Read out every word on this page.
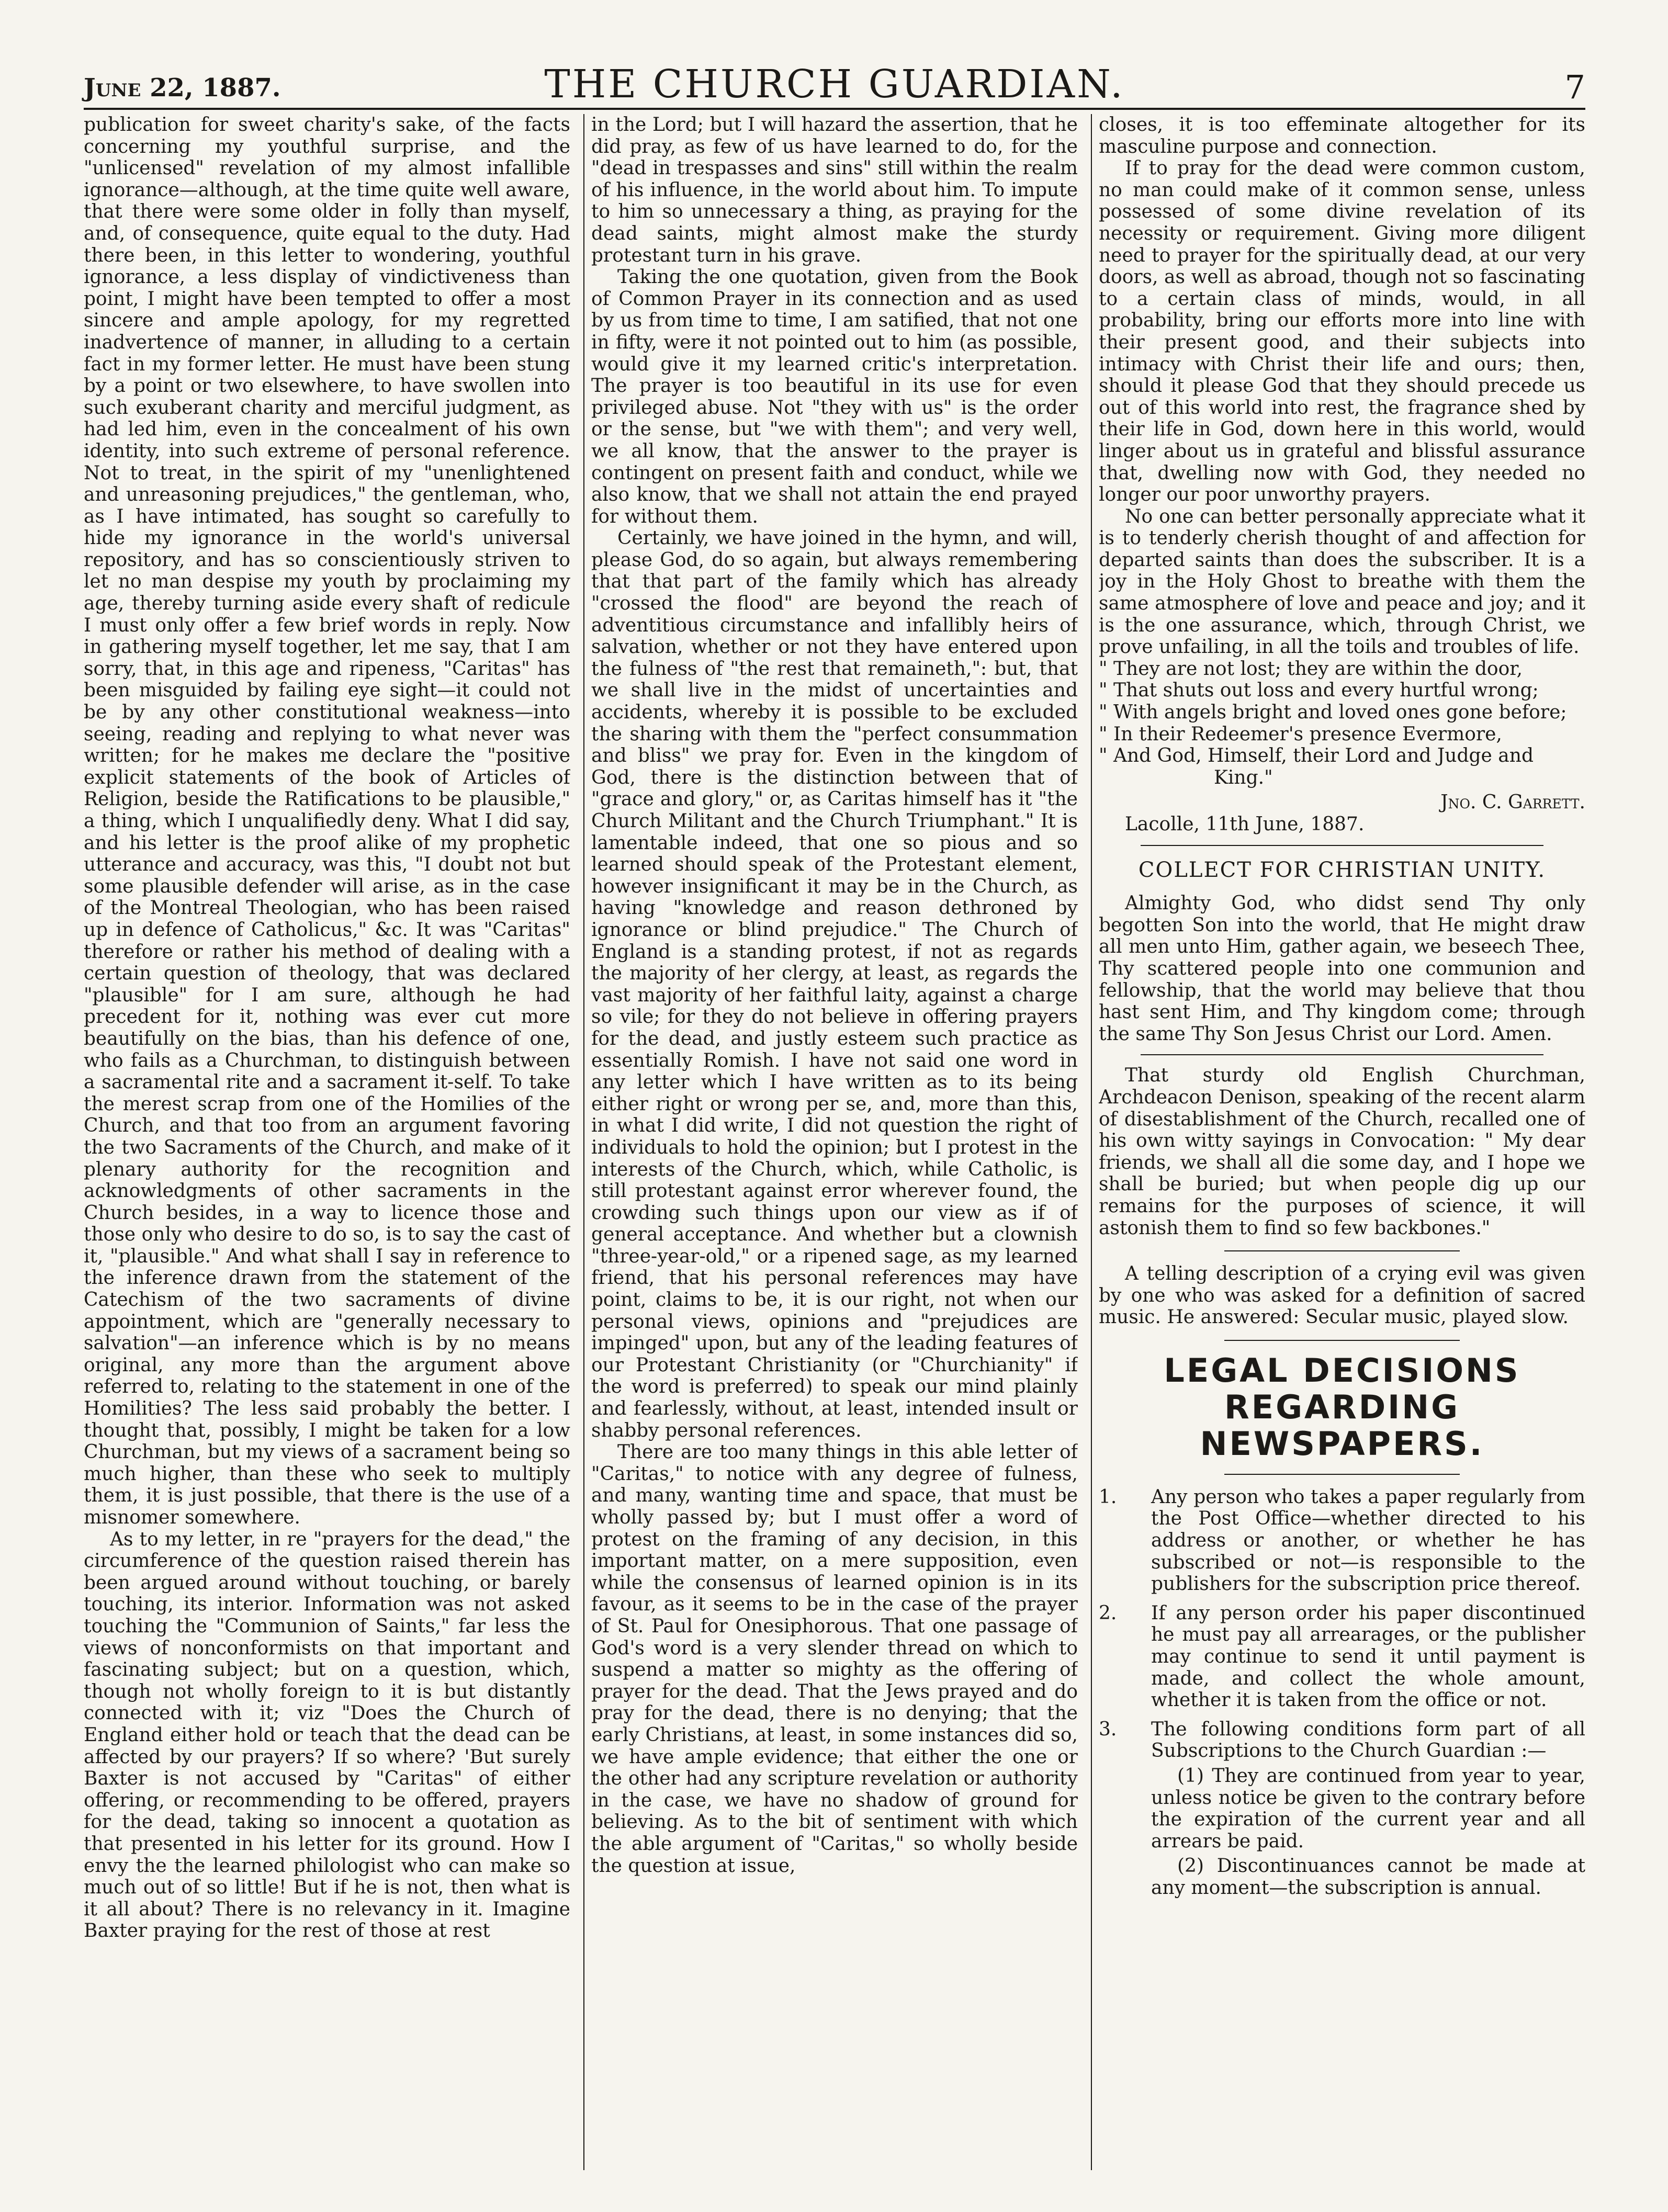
June 22, 1887.	THE CHURCH GUARDIAN.	7

publication for sweet charity's sake, of the facts concerning my youthful surprise, and the "unlicensed" revelation of my almost infallible ignorance—although, at the time quite well aware, that there were some older in folly than myself, and, of consequence, quite equal to the duty. Had there been, in this letter to wondering, youthful ignorance, a less display of vindictiveness than point, I might have been tempted to offer a most sincere and ample apology, for my regretted inadvertence of manner, in alluding to a certain fact in my former letter. He must have been stung by a point or two elsewhere, to have swollen into such exuberant charity and merciful judgment, as had led him, even in the concealment of his own identity, into such extreme of personal reference. Not to treat, in the spirit of my "unenlightened and unreasoning prejudices," the gentleman, who, as I have intimated, has sought so carefully to hide my ignorance in the world's universal repository, and has so conscientiously striven to let no man despise my youth by proclaiming my age, thereby turning aside every shaft of redicule I must only offer a few brief words in reply. Now in gathering myself together, let me say, that I am sorry, that, in this age and ripeness, "Caritas" has been misguided by failing eye sight—it could not be by any other constitutional weakness—into seeing, reading and replying to what never was written; for he makes me declare the "positive explicit statements of the book of Articles of Religion, beside the Ratifications to be plausible," a thing, which I unqualifiedly deny. What I did say, and his letter is the proof alike of my prophetic utterance and accuracy, was this, "I doubt not but some plausible defender will arise, as in the case of the Montreal Theologian, who has been raised up in defence of Catholicus," &c. It was "Caritas" therefore or rather his method of dealing with a certain question of theology, that was declared "plausible" for I am sure, although he had precedent for it, nothing was ever cut more beautifully on the bias, than his defence of one, who fails as a Churchman, to distinguish between a sacramental rite and a sacrament it-self. To take the merest scrap from one of the Homilies of the Church, and that too from an argument favoring the two Sacraments of the Church, and make of it plenary authority for the recognition and acknowledgments of other sacraments in the Church besides, in a way to licence those and those only who desire to do so, is to say the cast of it, "plausible." And what shall I say in reference to the inference drawn from the statement of the Catechism of the two sacraments of divine appointment, which are "generally necessary to salvation"—an inference which is by no means original, any more than the argument above referred to, relating to the statement in one of the Homilities? The less said probably the better. I thought that, possibly, I might be taken for a low Churchman, but my views of a sacrament being so much higher, than these who seek to multiply them, it is just possible, that there is the use of a misnomer somewhere.

As to my letter, in re "prayers for the dead," the circumference of the question raised therein has been argued around without touching, or barely touching, its interior. Information was not asked touching the "Communion of Saints," far less the views of nonconformists on that important and fascinating subject; but on a question, which, though not wholly foreign to it is but distantly connected with it; viz "Does the Church of England either hold or teach that the dead can be affected by our prayers? If so where? 'But surely Baxter is not accused by "Caritas" of either offering, or recommending to be offered, prayers for the dead, taking so innocent a quotation as that presented in his letter for its ground. How I envy the the learned philologist who can make so much out of so little! But if he is not, then what is it all about? There is no relevancy in it. Imagine Baxter praying for the rest of those at rest

in the Lord; but I will hazard the assertion, that he did pray, as few of us have learned to do, for the "dead in trespasses and sins" still within the realm of his influence, in the world about him. To impute to him so unnecessary a thing, as praying for the dead saints, might almost make the sturdy protestant turn in his grave.

Taking the one quotation, given from the Book of Common Prayer in its connection and as used by us from time to time, I am satified, that not one in fifty, were it not pointed out to him (as possible, would give it my learned critic's interpretation. The prayer is too beautiful in its use for even privileged abuse. Not "they with us" is the order or the sense, but "we with them"; and very well, we all know, that the answer to the prayer is contingent on present faith and conduct, while we also know, that we shall not attain the end prayed for without them.

Certainly, we have joined in the hymn, and will, please God, do so again, but always remembering that that part of the family which has already "crossed the flood" are beyond the reach of adventitious circumstance and infallibly heirs of salvation, whether or not they have entered upon the fulness of "the rest that remaineth,": but, that we shall live in the midst of uncertainties and accidents, whereby it is possible to be excluded the sharing with them the "perfect consummation and bliss" we pray for. Even in the kingdom of God, there is the distinction between that of "grace and glory," or, as Caritas himself has it "the Church Militant and the Church Triumphant." It is lamentable indeed, that one so pious and so learned should speak of the Protestant element, however insignificant it may be in the Church, as having "knowledge and reason dethroned by ignorance or blind prejudice." The Church of England is a standing protest, if not as regards the majority of her clergy, at least, as regards the vast majority of her faithful laity, against a charge so vile; for they do not believe in offering prayers for the dead, and justly esteem such practice as essentially Romish. I have not said one word in any letter which I have written as to its being either right or wrong per se, and, more than this, in what I did write, I did not question the right of individuals to hold the opinion; but I protest in the interests of the Church, which, while Catholic, is still protestant against error wherever found, the crowding such things upon our view as if of general acceptance. And whether but a clownish "three-year-old," or a ripened sage, as my learned friend, that his personal references may have point, claims to be, it is our right, not when our personal views, opinions and "prejudices are impinged" upon, but any of the leading features of our Protestant Christianity (or "Churchianity" if the word is preferred) to speak our mind plainly and fearlessly, without, at least, intended insult or shabby personal references.

There are too many things in this able letter of "Caritas," to notice with any degree of fulness, and many, wanting time and space, that must be wholly passed by; but I must offer a word of protest on the framing of any decision, in this important matter, on a mere supposition, even while the consensus of learned opinion is in its favour, as it seems to be in the case of the prayer of St. Paul for Onesiphorous. That one passage of God's word is a very slender thread on which to suspend a matter so mighty as the offering of prayer for the dead. That the Jews prayed and do pray for the dead, there is no denying; that the early Christians, at least, in some instances did so, we have ample evidence; that either the one or the other had any scripture revelation or authority in the case, we have no shadow of ground for believing. As to the bit of sentiment with which the able argument of "Caritas," so wholly beside the question at issue,

closes, it is too effeminate altogether for its masculine purpose and connection.

If to pray for the dead were common custom, no man could make of it common sense, unless possessed of some divine revelation of its necessity or requirement. Giving more diligent need to prayer for the spiritually dead, at our very doors, as well as abroad, though not so fascinating to a certain class of minds, would, in all probability, bring our efforts more into line with their present good, and their subjects into intimacy with Christ their life and ours; then, should it please God that they should precede us out of this world into rest, the fragrance shed by their life in God, down here in this world, would linger about us in grateful and blissful assurance that, dwelling now with God, they needed no longer our poor unworthy prayers.

No one can better personally appreciate what it is to tenderly cherish thought of and affection for departed saints than does the subscriber. It is a joy in the Holy Ghost to breathe with them the same atmosphere of love and peace and joy; and it is the one assurance, which, through Christ, we prove unfailing, in all the toils and troubles of life.

" They are not lost; they are within the door,
" That shuts out loss and every hurtful wrong;
" With angels bright and loved ones gone before;
" In their Redeemer's presence Evermore,
" And God, Himself, their Lord and Judge and
King."

Jno. C. Garrett.

Lacolle, 11th June, 1887.

COLLECT FOR CHRISTIAN UNITY.

Almighty God, who didst send Thy only begotten Son into the world, that He might draw all men unto Him, gather again, we beseech Thee, Thy scattered people into one communion and fellowship, that the world may believe that thou hast sent Him, and Thy kingdom come; through the same Thy Son Jesus Christ our Lord. Amen.

That sturdy old English Churchman, Archdeacon Denison, speaking of the recent alarm of disestablishment of the Church, recalled one of his own witty sayings in Convocation: " My dear friends, we shall all die some day, and I hope we shall be buried; but when people dig up our remains for the purposes of science, it will astonish them to find so few backbones."

A telling description of a crying evil was given by one who was asked for a definition of sacred music. He answered: Secular music, played slow.

LEGAL DECISIONS REGARDING
NEWSPAPERS.
1. Any person who takes a paper regularly from the Post Office—whether directed to his address or another, or whether he has subscribed or not—is responsible to the publishers for the subscription price thereof.
2. If any person order his paper discontinued he must pay all arrearages, or the publisher may continue to send it until payment is made, and collect the whole amount, whether it is taken from the office or not.
3. The following conditions form part of all Subscriptions to the Church Guardian :—

(1) They are continued from year to year, unless notice be given to the contrary before the expiration of the current year and all arrears be paid.

(2) Discontinuances cannot be made at any moment—the subscription is annual.
